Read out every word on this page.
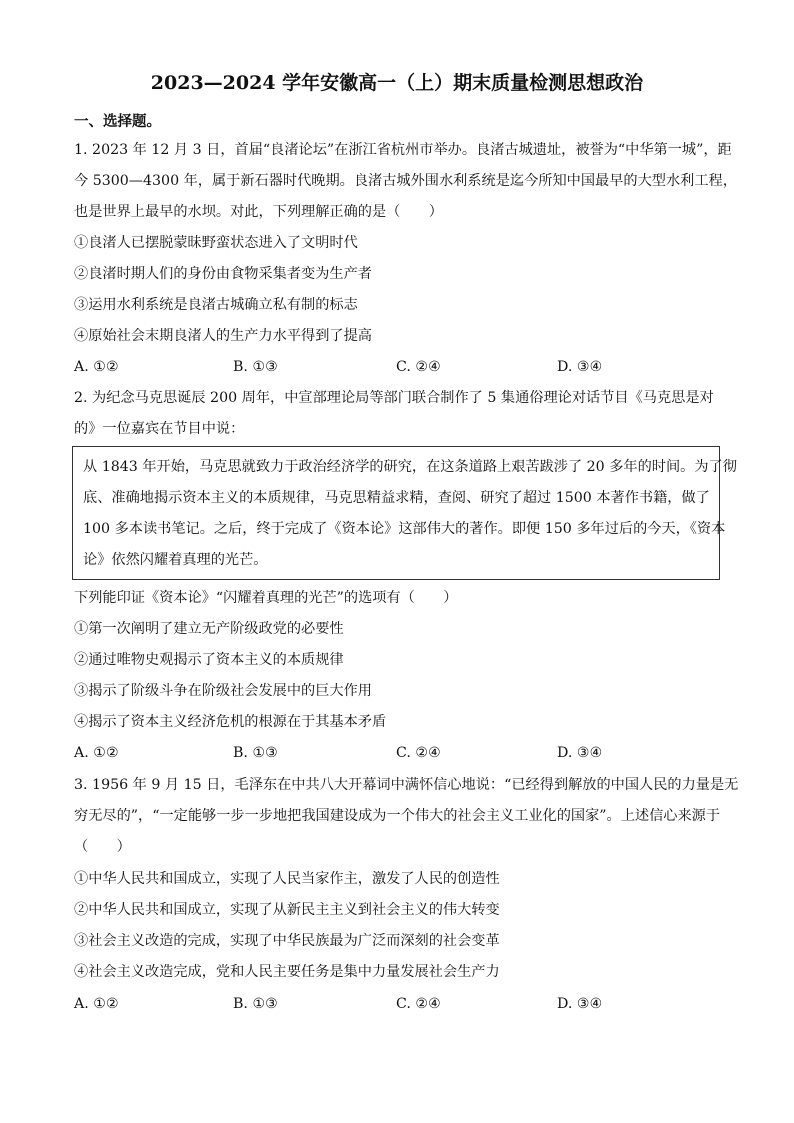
2023—2024 学年安徽高一（上）期末质量检测思想政治
一、选择题。
1. 2023 年 12 月 3 日，首届“良渚论坛”在浙江省杭州市举办。良渚古城遗址，被誉为“中华第一城”，距
今 5300—4300 年，属于新石器时代晚期。良渚古城外围水利系统是迄今所知中国最早的大型水利工程，
也是世界上最早的水坝。对此，下列理解正确的是（　　）
①良渚人已摆脱蒙昧野蛮状态进入了文明时代
②良渚时期人们的身份由食物采集者变为生产者
③运用水利系统是良渚古城确立私有制的标志
④原始社会末期良渚人的生产力水平得到了提高
A. ①②	B. ①③	C. ②④	D. ③④
2. 为纪念马克思诞辰 200 周年，中宣部理论局等部门联合制作了 5 集通俗理论对话节目《马克思是对
的》一位嘉宾在节目中说：
从 1843 年开始，马克思就致力于政治经济学的研究，在这条道路上艰苦跋涉了 20 多年的时间。为了彻
底、准确地揭示资本主义的本质规律，马克思精益求精，查阅、研究了超过 1500 本著作书籍，做了
100 多本读书笔记。之后，终于完成了《资本论》这部伟大的著作。即便 150 多年过后的今天，《资本
论》依然闪耀着真理的光芒。
下列能印证《资本论》“闪耀着真理的光芒”的选项有（　　）
①第一次阐明了建立无产阶级政党的必要性
②通过唯物史观揭示了资本主义的本质规律
③揭示了阶级斗争在阶级社会发展中的巨大作用
④揭示了资本主义经济危机的根源在于其基本矛盾
A. ①②	B. ①③	C. ②④	D. ③④
3. 1956 年 9 月 15 日，毛泽东在中共八大开幕词中满怀信心地说：“已经得到解放的中国人民的力量是无
穷无尽的”，“一定能够一步一步地把我国建设成为一个伟大的社会主义工业化的国家”。上述信心来源于
（　　）
①中华人民共和国成立，实现了人民当家作主，激发了人民的创造性
②中华人民共和国成立，实现了从新民主主义到社会主义的伟大转变
③社会主义改造的完成，实现了中华民族最为广泛而深刻的社会变革
④社会主义改造完成，党和人民主要任务是集中力量发展社会生产力
A. ①②	B. ①③	C. ②④	D. ③④
